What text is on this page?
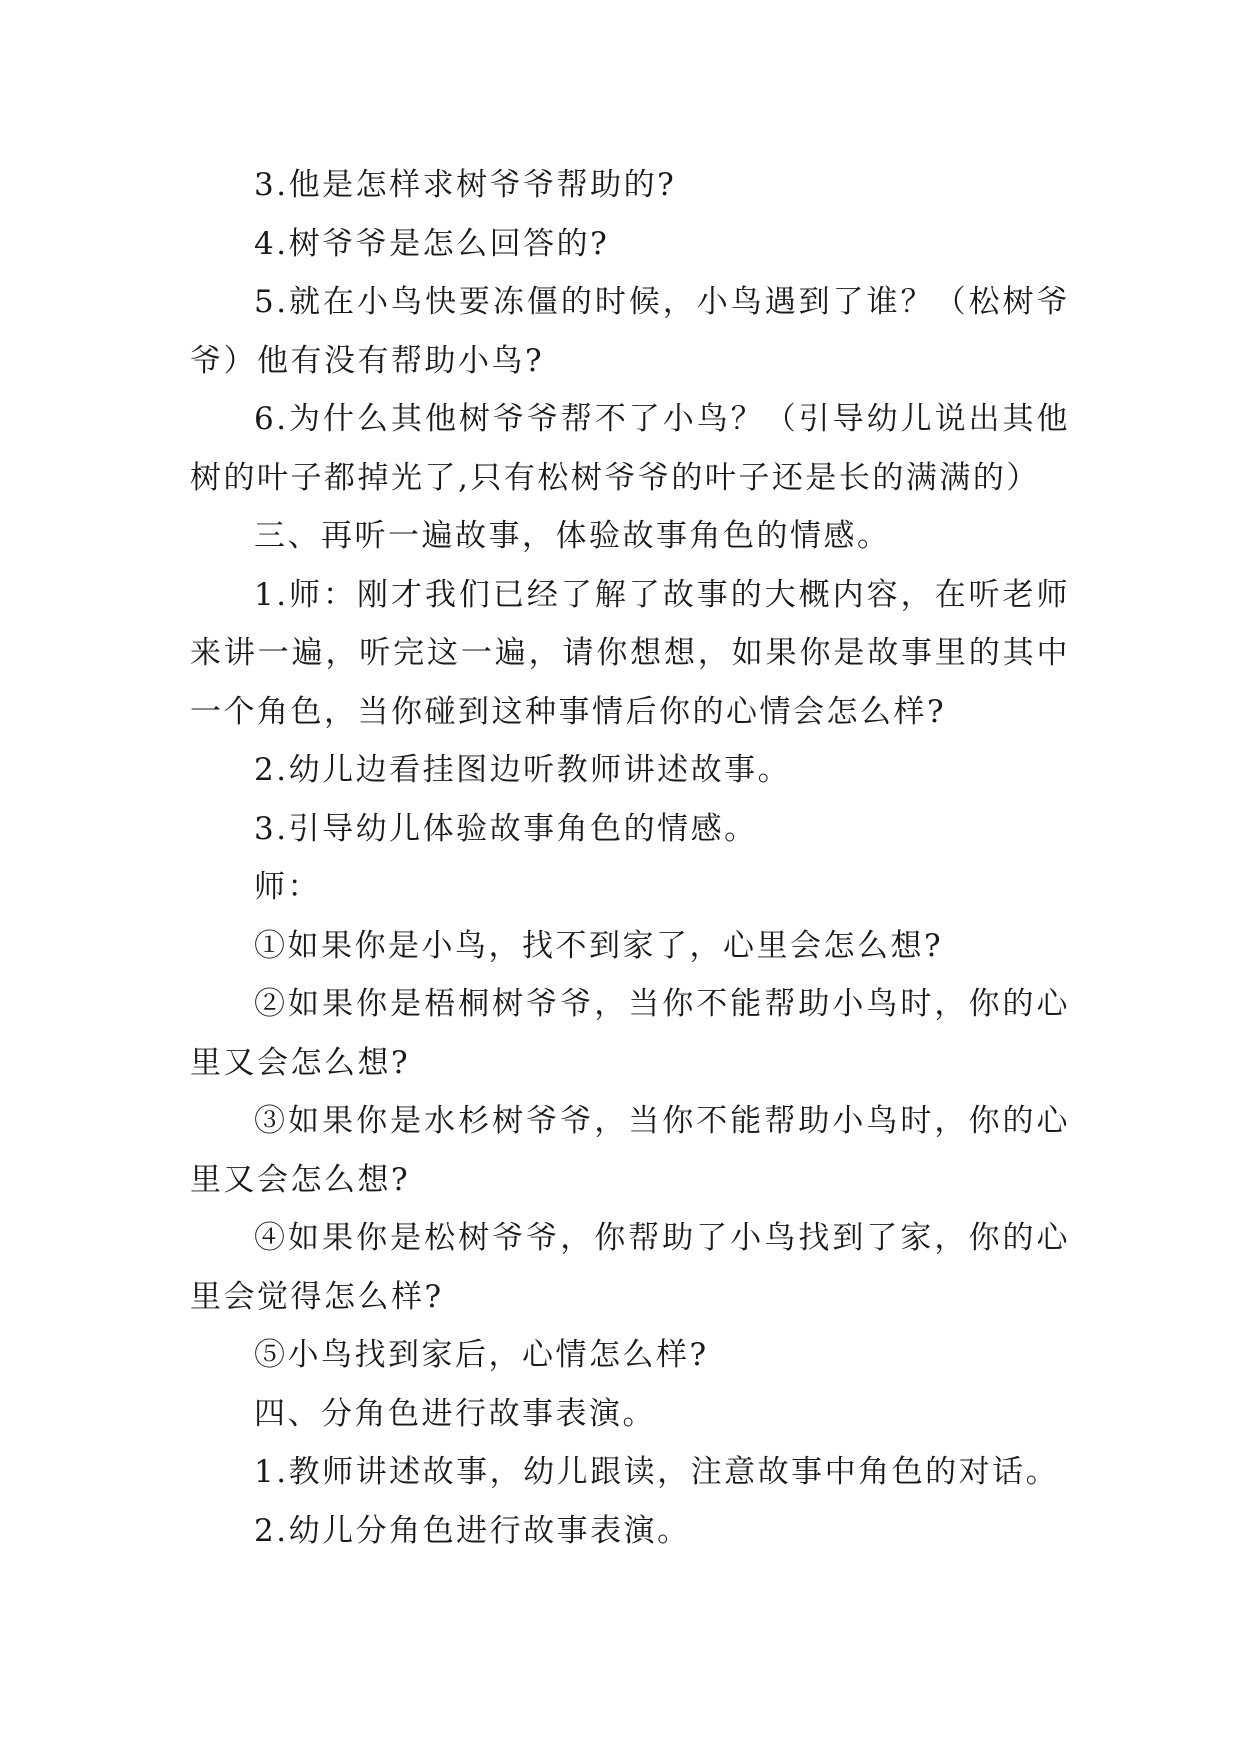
3.他是怎样求树爷爷帮助的?

4.树爷爷是怎么回答的?

5.就在小鸟快要冻僵的时候，小鸟遇到了谁？（松树爷爷）他有没有帮助小鸟?

6.为什么其他树爷爷帮不了小鸟？（引导幼儿说出其他树的叶子都掉光了,只有松树爷爷的叶子还是长的满满的）

三、再听一遍故事，体验故事角色的情感。

1.师：刚才我们已经了解了故事的大概内容，在听老师来讲一遍，听完这一遍，请你想想，如果你是故事里的其中一个角色，当你碰到这种事情后你的心情会怎么样?

2.幼儿边看挂图边听教师讲述故事。

3.引导幼儿体验故事角色的情感。

师：

①如果你是小鸟，找不到家了，心里会怎么想?

②如果你是梧桐树爷爷，当你不能帮助小鸟时，你的心里又会怎么想?

③如果你是水杉树爷爷，当你不能帮助小鸟时，你的心里又会怎么想?

④如果你是松树爷爷，你帮助了小鸟找到了家，你的心里会觉得怎么样?

⑤小鸟找到家后，心情怎么样?

四、分角色进行故事表演。

1.教师讲述故事，幼儿跟读，注意故事中角色的对话。

2.幼儿分角色进行故事表演。
